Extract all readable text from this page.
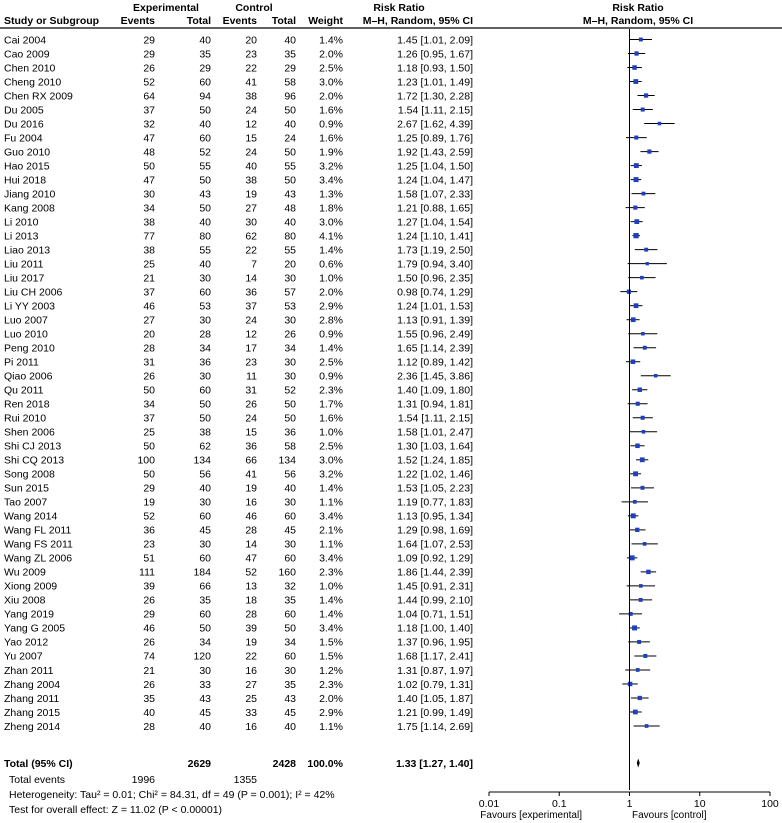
Experimental	Control	Risk Ratio	Risk Ratio
Study or Subgroup Events	Total Events Total Weight M–H, Random, 95% CI	M–H, Random, 95% CI
Cai 2004	29	40	20	40 1.4%	1.45 [1.01, 2.09]
Cao 2009	29	35	23	35 2.0%	1.26 [0.95, 1.67]
Chen 2010	26	29	22	29 2.5%	1.18 [0.93, 1.50]
Cheng 2010	52	60	41	58 3.0%	1.23 [1.01, 1.49]
Chen RX 2009	64	94	38	96 2.0%	1.72 [1.30, 2.28]
Du 2005	37	50	24	50 1.6%	1.54 [1.11, 2.15]
Du 2016	32	40	12	40 0.9%	2.67 [1.62, 4.39]
Fu 2004	47	60	15	24 1.6%	1.25 [0.89, 1.76]
Guo 2010	48	52	24	50 1.9%	1.92 [1.43, 2.59]
Hao 2015	50	55	40	55 3.2%	1.25 [1.04, 1.50]
Hui 2018	47	50	38	50 3.4%	1.24 [1.04, 1.47]
Jiang 2010	30	43	19	43 1.3%	1.58 [1.07, 2.33]
Kang 2008	34	50	27	48 1.8%	1.21 [0.88, 1.65]
Li 2010	38	40	30	40 3.0%	1.27 [1.04, 1.54]
Li 2013	77	80	62	80 4.1%	1.24 [1.10, 1.41]
Liao 2013	38	55	22	55 1.4%	1.73 [1.19, 2.50]
Liu 2011	25	40	7	20 0.6%	1.79 [0.94, 3.40]
Liu 2017	21	30	14	30 1.0%	1.50 [0.96, 2.35]
Liu CH 2006	37	60	36	57 2.0%	0.98 [0.74, 1.29]
Li YY 2003	46	53	37	53 2.9%	1.24 [1.01, 1.53]
Luo 2007	27	30	24	30 2.8%	1.13 [0.91, 1.39]
Luo 2010	20	28	12	26 0.9%	1.55 [0.96, 2.49]
Peng 2010	28	34	17	34 1.4%	1.65 [1.14, 2.39]
Pi 2011	31	36	23	30 2.5%	1.12 [0.89, 1.42]
Qiao 2006	26	30	11	30 0.9%	2.36 [1.45, 3.86]
Qu 2011	50	60	31	52 2.3%	1.40 [1.09, 1.80]
Ren 2018	34	50	26	50 1.7%	1.31 [0.94, 1.81]
Rui 2010	37	50	24	50 1.6%	1.54 [1.11, 2.15]
Shen 2006	25	38	15	36 1.0%	1.58 [1.01, 2.47]
Shi CJ 2013	50	62	36	58 2.5%	1.30 [1.03, 1.64]
Shi CQ 2013	100	134	66 134 3.0%	1.52 [1.24, 1.85]
Song 2008	50	56	41	56 3.2%	1.22 [1.02, 1.46]
Sun 2015	29	40	19	40 1.4%	1.53 [1.05, 2.23]
Tao 2007	19	30	16	30 1.1%	1.19 [0.77, 1.83]
Wang 2014	52	60	46	60 3.4%	1.13 [0.95, 1.34]
Wang FL 2011	36	45	28	45 2.1%	1.29 [0.98, 1.69]
Wang FS 2011	23	30	14	30 1.1%	1.64 [1.07, 2.53]
Wang ZL 2006	51	60	47	60 3.4%	1.09 [0.92, 1.29]
Wu 2009	111	184	52 160 2.3%	1.86 [1.44, 2.39]
Xiong 2009	39	66	13	32 1.0%	1.45 [0.91, 2.31]
Xiu 2008	26	35	18	35 1.4%	1.44 [0.99, 2.10]
Yang 2019	29	60	28	60 1.4%	1.04 [0.71, 1.51]
Yang G 2005	46	50	39	50 3.4%	1.18 [1.00, 1.40]
Yao 2012	26	34	19	34 1.5%	1.37 [0.96, 1.95]
Yu 2007	74	120	22	60 1.5%	1.68 [1.17, 2.41]
Zhan 2011	21	30	16	30 1.2%	1.31 [0.87, 1.97]
Zhang 2004	26	33	27	35 2.3%	1.02 [0.79, 1.31]
Zhang 2011	35	43	25	43 2.0%	1.40 [1.05, 1.87]
Zhang 2015	40	45	33	45 2.9%	1.21 [0.99, 1.49]
Zheng 2014	28	40	16	40 1.1%	1.75 [1.14, 2.69]
Total (95% CI)	2629	2428 100.0%	1.33 [1.27, 1.40]
Total events	1996	1355
Heterogeneity: Tau² = 0.01; Chi² = 84.31, df = 49 (P = 0.001); I² = 42%
Test for overall effect: Z = 11.02 (P < 0.00001)	0.01	0.1	1	10	100
Favours [experimental]	Favours [control]
